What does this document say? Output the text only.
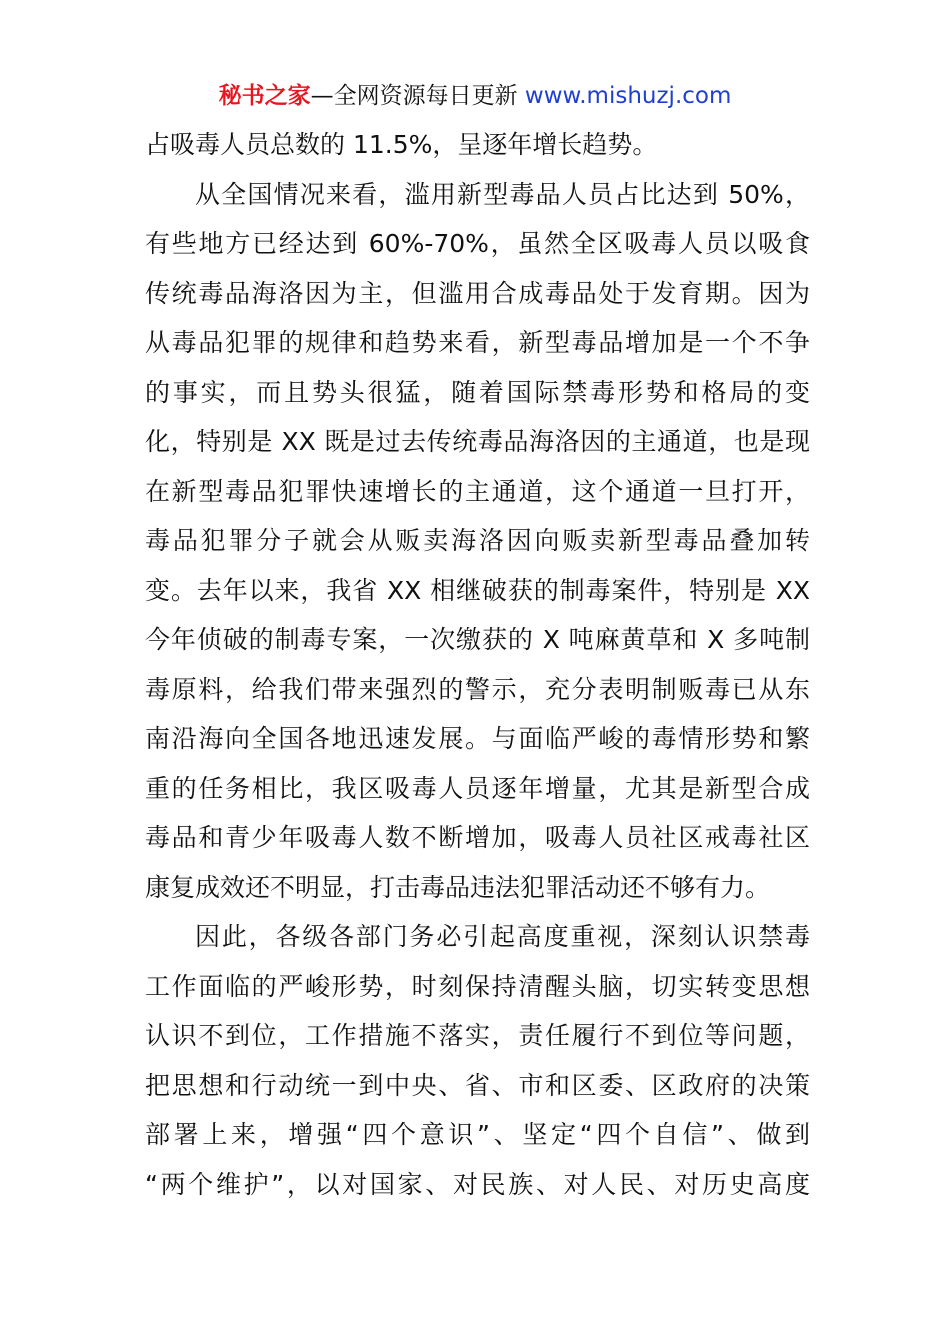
秘书之家—全网资源每日更新 www.mishuzj.com
占吸毒人员总数的 11.5%，呈逐年增长趋势。
从全国情况来看，滥用新型毒品人员占比达到 50%，
有些地方已经达到 60%-70%，虽然全区吸毒人员以吸食
传统毒品海洛因为主，但滥用合成毒品处于发育期。因为
从毒品犯罪的规律和趋势来看，新型毒品增加是一个不争
的事实，而且势头很猛，随着国际禁毒形势和格局的变
化，特别是 XX 既是过去传统毒品海洛因的主通道，也是现
在新型毒品犯罪快速增长的主通道，这个通道一旦打开，
毒品犯罪分子就会从贩卖海洛因向贩卖新型毒品叠加转
变。去年以来，我省 XX 相继破获的制毒案件，特别是 XX
今年侦破的制毒专案，一次缴获的 X 吨麻黄草和 X 多吨制
毒原料，给我们带来强烈的警示，充分表明制贩毒已从东
南沿海向全国各地迅速发展。与面临严峻的毒情形势和繁
重的任务相比，我区吸毒人员逐年增量，尤其是新型合成
毒品和青少年吸毒人数不断增加，吸毒人员社区戒毒社区
康复成效还不明显，打击毒品违法犯罪活动还不够有力。
因此，各级各部门务必引起高度重视，深刻认识禁毒
工作面临的严峻形势，时刻保持清醒头脑，切实转变思想
认识不到位，工作措施不落实，责任履行不到位等问题，
把思想和行动统一到中央、省、市和区委、区政府的决策
部署上来，增强“四个意识”、坚定“四个自信”、做到
“两个维护”，以对国家、对民族、对人民、对历史高度
